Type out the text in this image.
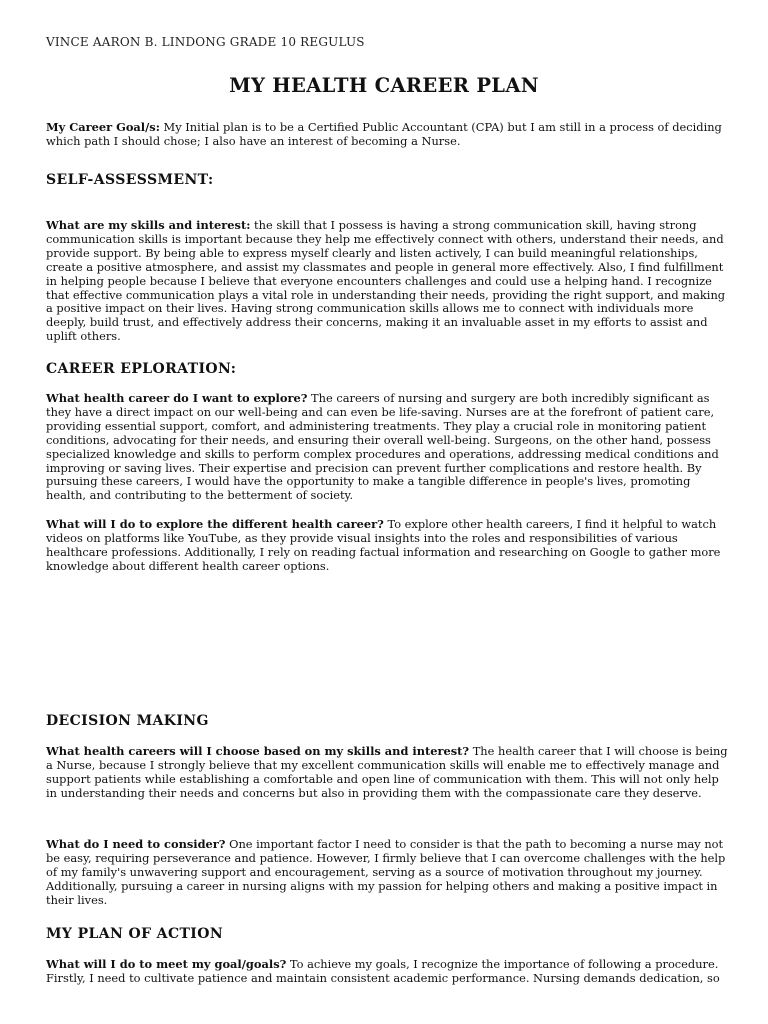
VINCE AARON B. LINDONG GRADE 10 REGULUS
MY HEALTH CAREER PLAN

My Career Goal/s: My Initial plan is to be a Certified Public Accountant (CPA) but I am still in a process of deciding which path I should chose; I also have an interest of becoming a Nurse.

SELF-ASSESSMENT:

What are my skills and interest: the skill that I possess is having a strong communication skill, having strong communication skills is important because they help me effectively connect with others, understand their needs, and provide support. By being able to express myself clearly and listen actively, I can build meaningful relationships, create a positive atmosphere, and assist my classmates and people in general more effectively. Also, I find fulfillment in helping people because I believe that everyone encounters challenges and could use a helping hand. I recognize that effective communication plays a vital role in understanding their needs, providing the right support, and making a positive impact on their lives. Having strong communication skills allows me to connect with individuals more deeply, build trust, and effectively address their concerns, making it an invaluable asset in my efforts to assist and uplift others.

CAREER EPLORATION:

What health career do I want to explore? The careers of nursing and surgery are both incredibly significant as they have a direct impact on our well-being and can even be life-saving. Nurses are at the forefront of patient care, providing essential support, comfort, and administering treatments. They play a crucial role in monitoring patient conditions, advocating for their needs, and ensuring their overall well-being. Surgeons, on the other hand, possess specialized knowledge and skills to perform complex procedures and operations, addressing medical conditions and improving or saving lives. Their expertise and precision can prevent further complications and restore health. By pursuing these careers, I would have the opportunity to make a tangible difference in people's lives, promoting health, and contributing to the betterment of society.

What will I do to explore the different health career? To explore other health careers, I find it helpful to watch videos on platforms like YouTube, as they provide visual insights into the roles and responsibilities of various healthcare professions. Additionally, I rely on reading factual information and researching on Google to gather more knowledge about different health career options.

DECISION MAKING

What health careers will I choose based on my skills and interest? The health career that I will choose is being a Nurse, because I strongly believe that my excellent communication skills will enable me to effectively manage and support patients while establishing a comfortable and open line of communication with them. This will not only help in understanding their needs and concerns but also in providing them with the compassionate care they deserve.

What do I need to consider? One important factor I need to consider is that the path to becoming a nurse may not be easy, requiring perseverance and patience. However, I firmly believe that I can overcome challenges with the help of my family's unwavering support and encouragement, serving as a source of motivation throughout my journey. Additionally, pursuing a career in nursing aligns with my passion for helping others and making a positive impact in their lives.

MY PLAN OF ACTION

What will I do to meet my goal/goals? To achieve my goals, I recognize the importance of following a procedure. Firstly, I need to cultivate patience and maintain consistent academic performance. Nursing demands dedication, so
